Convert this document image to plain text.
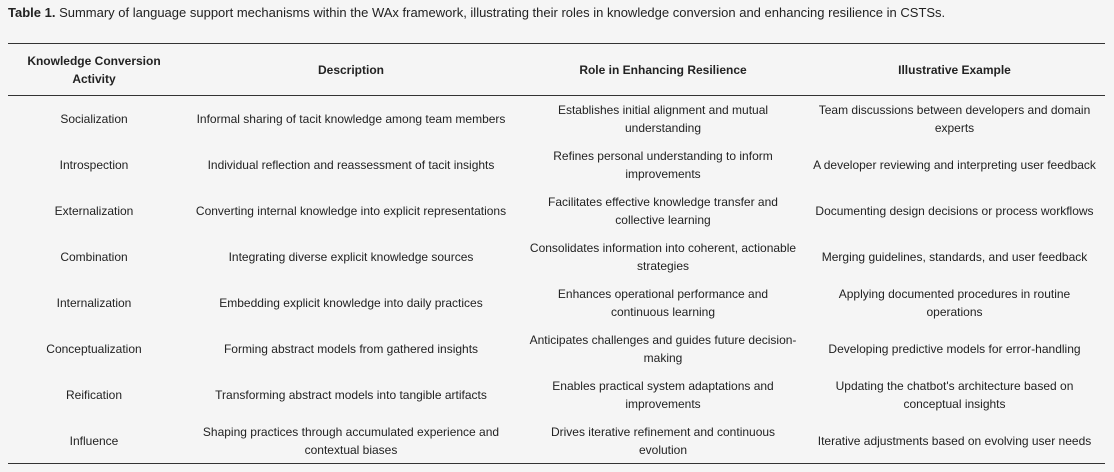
Table 1. Summary of language support mechanisms within the WAx framework, illustrating their roles in knowledge conversion and enhancing resilience in CSTSs.
Knowledge Conversion Activity	Description	Role in Enhancing Resilience	Illustrative Example
Socialization	Informal sharing of tacit knowledge among team members	Establishes initial alignment and mutual understanding	Team discussions between developers and domain experts
Introspection	Individual reflection and reassessment of tacit insights	Refines personal understanding to inform improvements	A developer reviewing and interpreting user feedback
Externalization	Converting internal knowledge into explicit representations	Facilitates effective knowledge transfer and collective learning	Documenting design decisions or process workflows
Combination	Integrating diverse explicit knowledge sources	Consolidates information into coherent, actionable strategies	Merging guidelines, standards, and user feedback
Internalization	Embedding explicit knowledge into daily practices	Enhances operational performance and continuous learning	Applying documented procedures in routine operations
Conceptualization	Forming abstract models from gathered insights	Anticipates challenges and guides future decision-making	Developing predictive models for error-handling
Reification	Transforming abstract models into tangible artifacts	Enables practical system adaptations and improvements	Updating the chatbot's architecture based on conceptual insights
Influence	Shaping practices through accumulated experience and contextual biases	Drives iterative refinement and continuous evolution	Iterative adjustments based on evolving user needs
